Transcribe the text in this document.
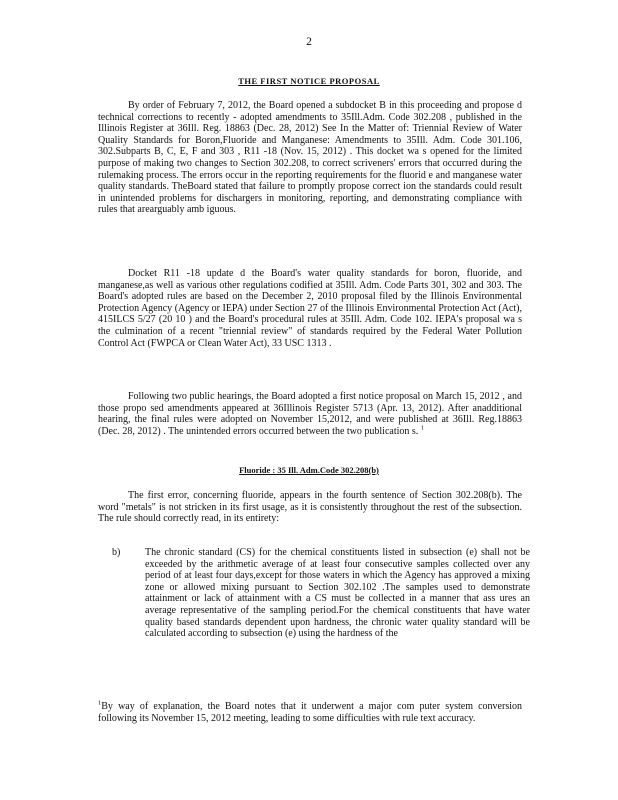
2
THE FIRST NOTICE PROPOSAL

By order of February 7, 2012, the Board opened a subdocket B in this proceeding and propose d technical corrections to recently - adopted amendments to 35Ill.Adm. Code 302.208 , published in the Illinois Register at 36Ill. Reg. 18863 (Dec. 28, 2012) See In the Matter of: Triennial Review of Water Quality Standards for Boron,Fluoride and Manganese: Amendments to 35Ill. Adm. Code 301.106, 302.Subparts B, C, E, F and 303 , R11 -18 (Nov. 15, 2012) . This docket wa s opened for the limited purpose of making two changes to Section 302.208, to correct scriveners' errors that occurred during the rulemaking process. The errors occur in the reporting requirements for the fluorid e and manganese water quality standards. TheBoard stated that failure to promptly propose correct ion the standards could result in unintended problems for dischargers in monitoring, reporting, and demonstrating compliance with rules that arearguably amb iguous.

Docket R11 -18 update d the Board's water quality standards for boron, fluoride, and manganese,as well as various other regulations codified at 35Ill. Adm. Code Parts 301, 302 and 303. The Board's adopted rules are based on the December 2, 2010 proposal filed by the Illinois Environmental Protection Agency (Agency or IEPA) under Section 27 of the Illinois Environmental Protection Act (Act), 415ILCS 5/27 (20 10 ) and the Board's procedural rules at 35Ill. Adm. Code 102. IEPA's proposal wa s the culmination of a recent "triennial review" of standards required by the Federal Water Pollution Control Act (FWPCA or Clean Water Act), 33 USC 1313 .

Following two public hearings, the Board adopted a first notice proposal on March 15, 2012 , and those propo sed amendments appeared at 36Illinois Register 5713 (Apr. 13, 2012). After anadditional hearing, the final rules were adopted on November 15,2012, and were published at 36Ill. Reg.18863 (Dec. 28, 2012) . The unintended errors occurred between the two publication s. $^1$

Fluoride : 35 Ill. Adm.Code 302.208(b)

The first error, concerning fluoride, appears in the fourth sentence of Section 302.208(b). The word "metals" is not stricken in its first usage, as it is consistently throughout the rest of the subsection. The rule should correctly read, in its entirety:

b) The chronic standard (CS) for the chemical constituents listed in subsection (e) shall not be exceeded by the arithmetic average of at least four consecutive samples collected over any period of at least four days,except for those waters in which the Agency has approved a mixing zone or allowed mixing pursuant to Section 302.102 .The samples used to demonstrate attainment or lack of attainment with a CS must be collected in a manner that ass ures an average representative of the sampling period.For the chemical constituents that have water quality based standards dependent upon hardness, the chronic water quality standard will be calculated according to subsection (e) using the hardness of the

$^1$By way of explanation, the Board notes that it underwent a major com puter system conversion following its November 15, 2012 meeting, leading to some difficulties with rule text accuracy.
